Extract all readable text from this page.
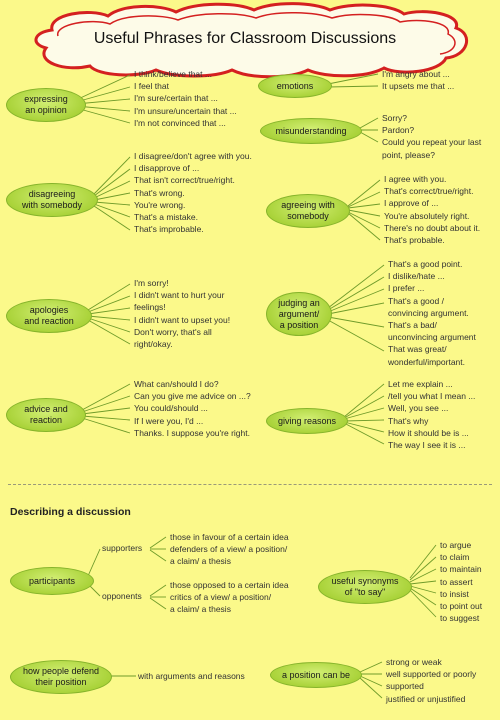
Useful Phrases for Classroom Discussions
expressing
an opinion
disagreeing
with somebody
apologies
and reaction
advice and
reaction
emotions
misunderstanding
agreeing with
somebody
judging an
argument/
a position
giving reasons
participants	useful synonyms
of "to say"
how people defend
their position
a position can be
I think/believe that ...
I feel that
I'm sure/certain that ...
I'm unsure/uncertain that ...
I'm not convinced that ...
I disagree/don't agree with you.
I disapprove of ...
That isn't correct/true/right.
That's wrong.
You're wrong.
That's a mistake.
That's improbable.
I'm sorry!
I didn't want to hurt your
feelings!
I didn't want to upset you!
Don't worry, that's all
right/okay.
What can/should I do?
Can you give me advice on ...?
You could/should ...
If I were you, I'd ...
Thanks. I suppose you're right.
I'm angry about ...
It upsets me that ...
Sorry?
Pardon?
Could you repeat your last
point, please?
I agree with you.
That's correct/true/right.
I approve of ...
You're absolutely right.
There's no doubt about it.
That's probable.
That's a good point.
I dislike/hate ...
I prefer ...
That's a good /
convincing argument.
That's a bad/
unconvincing argument
That was great/
wonderful/important.
Let me explain ...
/tell you what I mean ...
Well, you see ...
That's why
How it should be is ...
The way I see it is ...
Describing a discussion
supporters
opponents
those in favour of a certain idea
defenders of a view/ a position/
a claim/ a thesis
those opposed to a certain idea
critics of a view/ a position/
a claim/ a thesis
to argue
to claim
to maintain
to assert
to insist
to point out
to suggest
with arguments and reasons
strong or weak
well supported or poorly
supported
justified or unjustified
